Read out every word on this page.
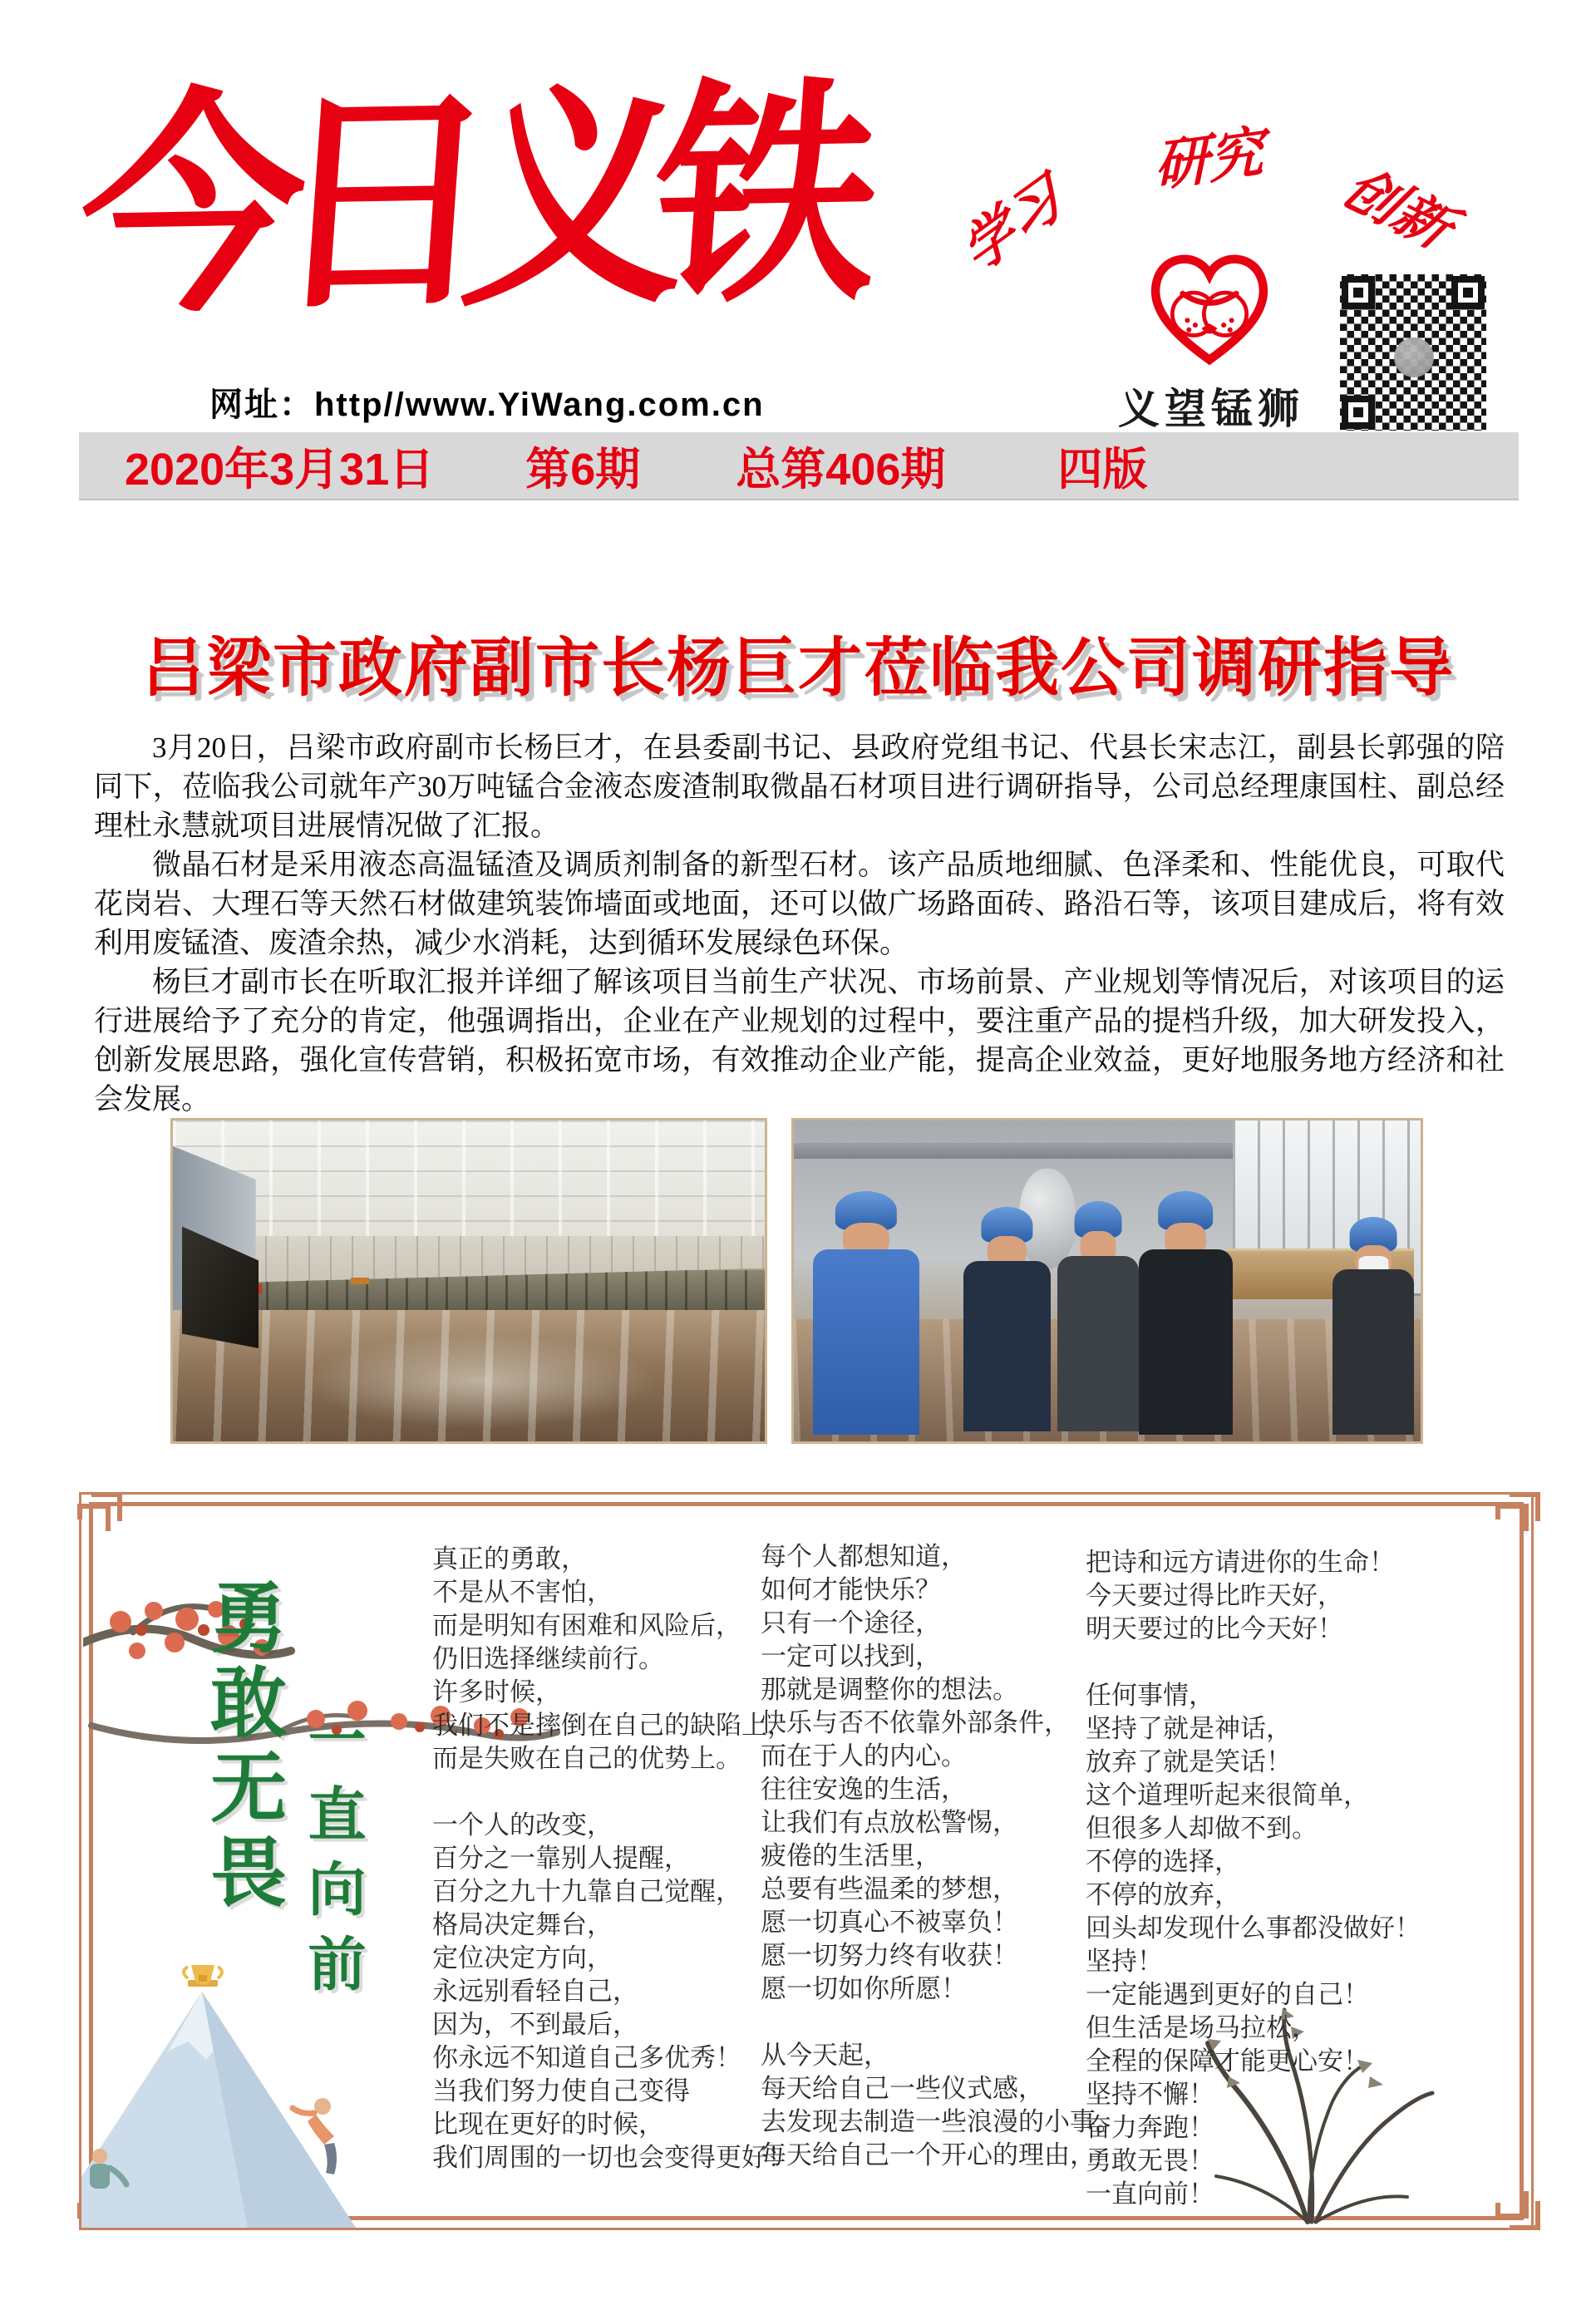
今日义铁
网址：http//www.YiWang.com.cn
学习
研究 创新
义望锰狮
2020年3月31日 第6期 总第406期	四版
吕梁市政府副市长杨巨才莅临我公司调研指导

3月20日，吕梁市政府副市长杨巨才，在县委副书记、县政府党组书记、代县长宋志江，副县长郭强的陪同下，莅临我公司就年产30万吨锰合金液态废渣制取微晶石材项目进行调研指导，公司总经理康国柱、副总经理杜永慧就项目进展情况做了汇报。

微晶石材是采用液态高温锰渣及调质剂制备的新型石材。该产品质地细腻、色泽柔和、性能优良，可取代花岗岩、大理石等天然石材做建筑装饰墙面或地面，还可以做广场路面砖、路沿石等，该项目建成后，将有效利用废锰渣、废渣余热，减少水消耗，达到循环发展绿色环保。

杨巨才副市长在听取汇报并详细了解该项目当前生产状况、市场前景、产业规划等情况后，对该项目的运行进展给予了充分的肯定，他强调指出，企业在产业规划的过程中，要注重产品的提档升级，加大研发投入，创新发展思路，强化宣传营销，积极拓宽市场，有效推动企业产能，提高企业效益，更好地服务地方经济和社会发展。

勇敢无畏 一直向前
真正的勇敢，
不是从不害怕，
而是明知有困难和风险后，
仍旧选择继续前行。
许多时候，
我们不是摔倒在自己的缺陷上，
而是失败在自己的优势上。

一个人的改变，
百分之一靠别人提醒，
百分之九十九靠自己觉醒，
格局决定舞台，
定位决定方向，
永远别看轻自己，
因为，不到最后，
你永远不知道自己多优秀！
当我们努力使自己变得
比现在更好的时候，
我们周围的一切也会变得更好！
每个人都想知道，
如何才能快乐？
只有一个途径，
一定可以找到，
那就是调整你的想法。
快乐与否不依靠外部条件，
而在于人的内心。
往往安逸的生活，
让我们有点放松警惕，
疲倦的生活里，
总要有些温柔的梦想，
愿一切真心不被辜负！
愿一切努力终有收获！
愿一切如你所愿！

从今天起，
每天给自己一些仪式感，
去发现去制造一些浪漫的小事。
每天给自己一个开心的理由，
把诗和远方请进你的生命！
今天要过得比昨天好，
明天要过的比今天好！

任何事情，
坚持了就是神话，
放弃了就是笑话！
这个道理听起来很简单，
但很多人却做不到。
不停的选择，
不停的放弃，
回头却发现什么事都没做好！
坚持！
一定能遇到更好的自己！
但生活是场马拉松，
全程的保障才能更心安！
坚持不懈！
奋力奔跑！
勇敢无畏！
一直向前！
